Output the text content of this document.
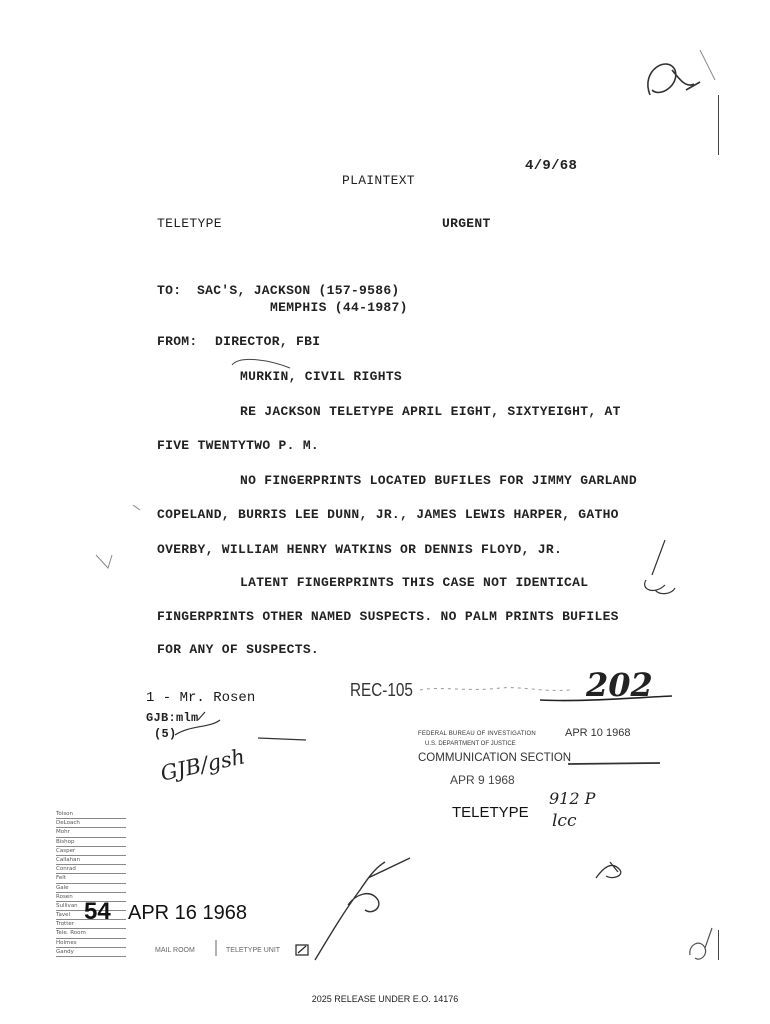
4/9/68
PLAINTEXT
TELETYPE	URGENT
TO: SAC'S, JACKSON (157-9586)
MEMPHIS (44-1987)
FROM: DIRECTOR, FBI
MURKIN, CIVIL RIGHTS
RE JACKSON TELETYPE APRIL EIGHT, SIXTYEIGHT, AT
FIVE TWENTYTWO P. M.
NO FINGERPRINTS LOCATED BUFILES FOR JIMMY GARLAND
COPELAND, BURRIS LEE DUNN, JR., JAMES LEWIS HARPER, GATHO
OVERBY, WILLIAM HENRY WATKINS OR DENNIS FLOYD, JR.
LATENT FINGERPRINTS THIS CASE NOT IDENTICAL
FINGERPRINTS OTHER NAMED SUSPECTS. NO PALM PRINTS BUFILES
FOR ANY OF SUSPECTS.
1 - Mr. Rosen
GJB:mlm
(5)
GJB/gsh
REC-105	202
FEDERAL BUREAU OF INVESTIGATION	APR 10 1968
U.S. DEPARTMENT OF JUSTICE
COMMUNICATION SECTION
APR 9 1968
TELETYPE
912 P
lcc
Tolson
DeLoach
Mohr
Bishop
Casper
Callahan
Conrad
Felt
Gale
Rosen
Sullivan
Tavel
Trotter
Tele. Room
Holmes
Gandy
54 APR 16 1968
MAIL ROOM	TELETYPE UNIT
2025 RELEASE UNDER E.O. 14176
